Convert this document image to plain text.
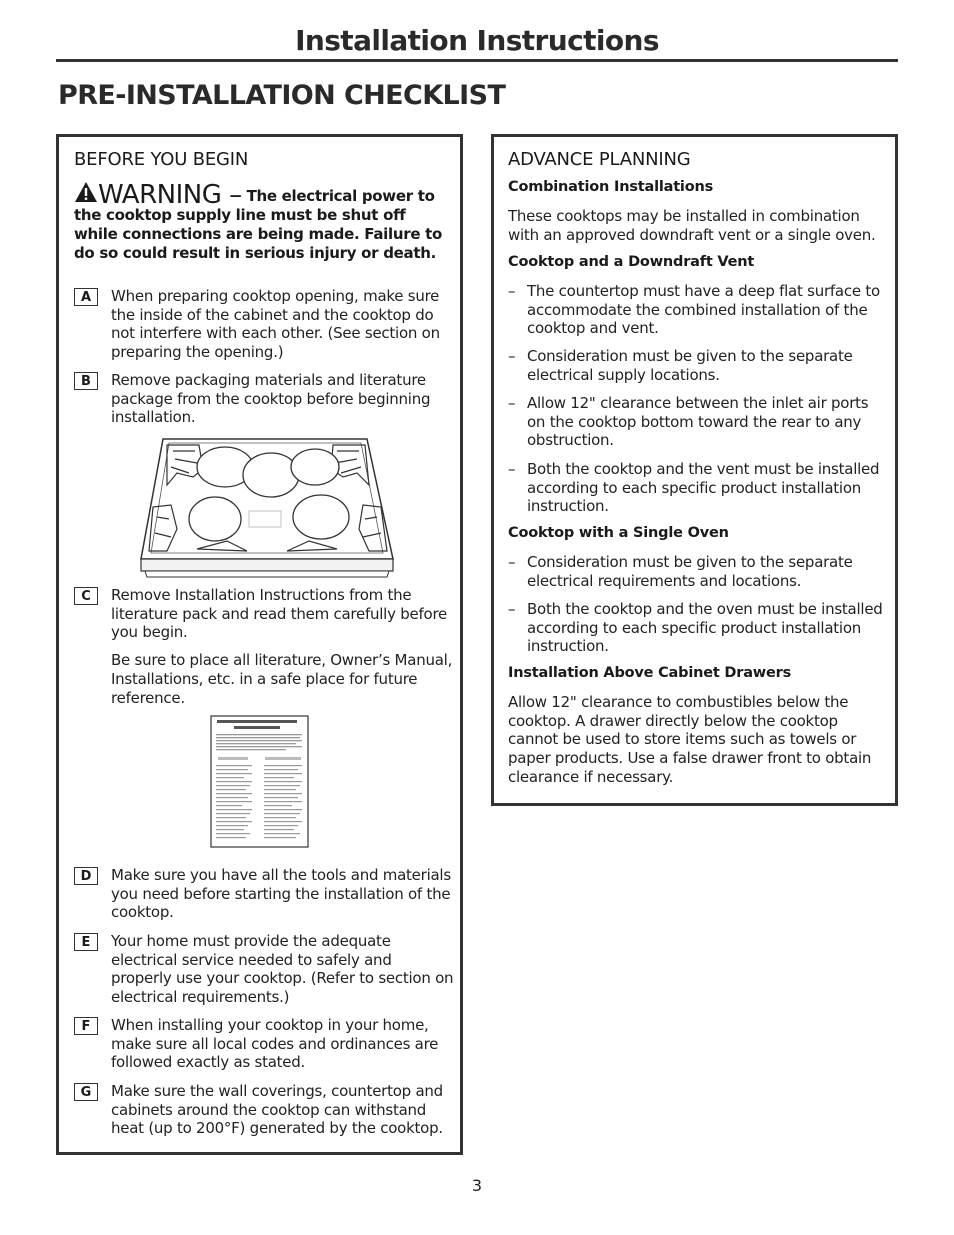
Installation Instructions
PRE-INSTALLATION CHECKLIST
BEFORE YOU BEGIN
WARNING – The electrical power to the cooktop supply line must be shut off while connections are being made. Failure to do so could result in serious injury or death.
A	When preparing cooktop opening, make sure the inside of the cabinet and the cooktop do not interfere with each other. (See section on preparing the opening.)

B	Remove packaging materials and literature package from the cooktop before beginning installation.

C	Remove Installation Instructions from the literature pack and read them carefully before you begin.

Be sure to place all literature, Owner’s Manual, Installations, etc. in a safe place for future reference.

D	Make sure you have all the tools and materials you need before starting the installation of the cooktop.

E	Your home must provide the adequate electrical service needed to safely and properly use your cooktop. (Refer to section on electrical requirements.)

F	When installing your cooktop in your home, make sure all local codes and ordinances are followed exactly as stated.

G	Make sure the wall coverings, countertop and cabinets around the cooktop can withstand heat (up to 200°F) generated by the cooktop.

ADVANCE PLANNING
Combination Installations
These cooktops may be installed in combination with an approved downdraft vent or a single oven.
Cooktop and a Downdraft Vent
– The countertop must have a deep flat surface to accommodate the combined installation of the cooktop and vent.
– Consideration must be given to the separate electrical supply locations.
– Allow 12" clearance between the inlet air ports on the cooktop bottom toward the rear to any obstruction.
– Both the cooktop and the vent must be installed according to each specific product installation instruction.
Cooktop with a Single Oven
– Consideration must be given to the separate electrical requirements and locations.
– Both the cooktop and the oven must be installed according to each specific product installation instruction.
Installation Above Cabinet Drawers
Allow 12" clearance to combustibles below the cooktop. A drawer directly below the cooktop cannot be used to store items such as towels or paper products. Use a false drawer front to obtain clearance if necessary.
3
